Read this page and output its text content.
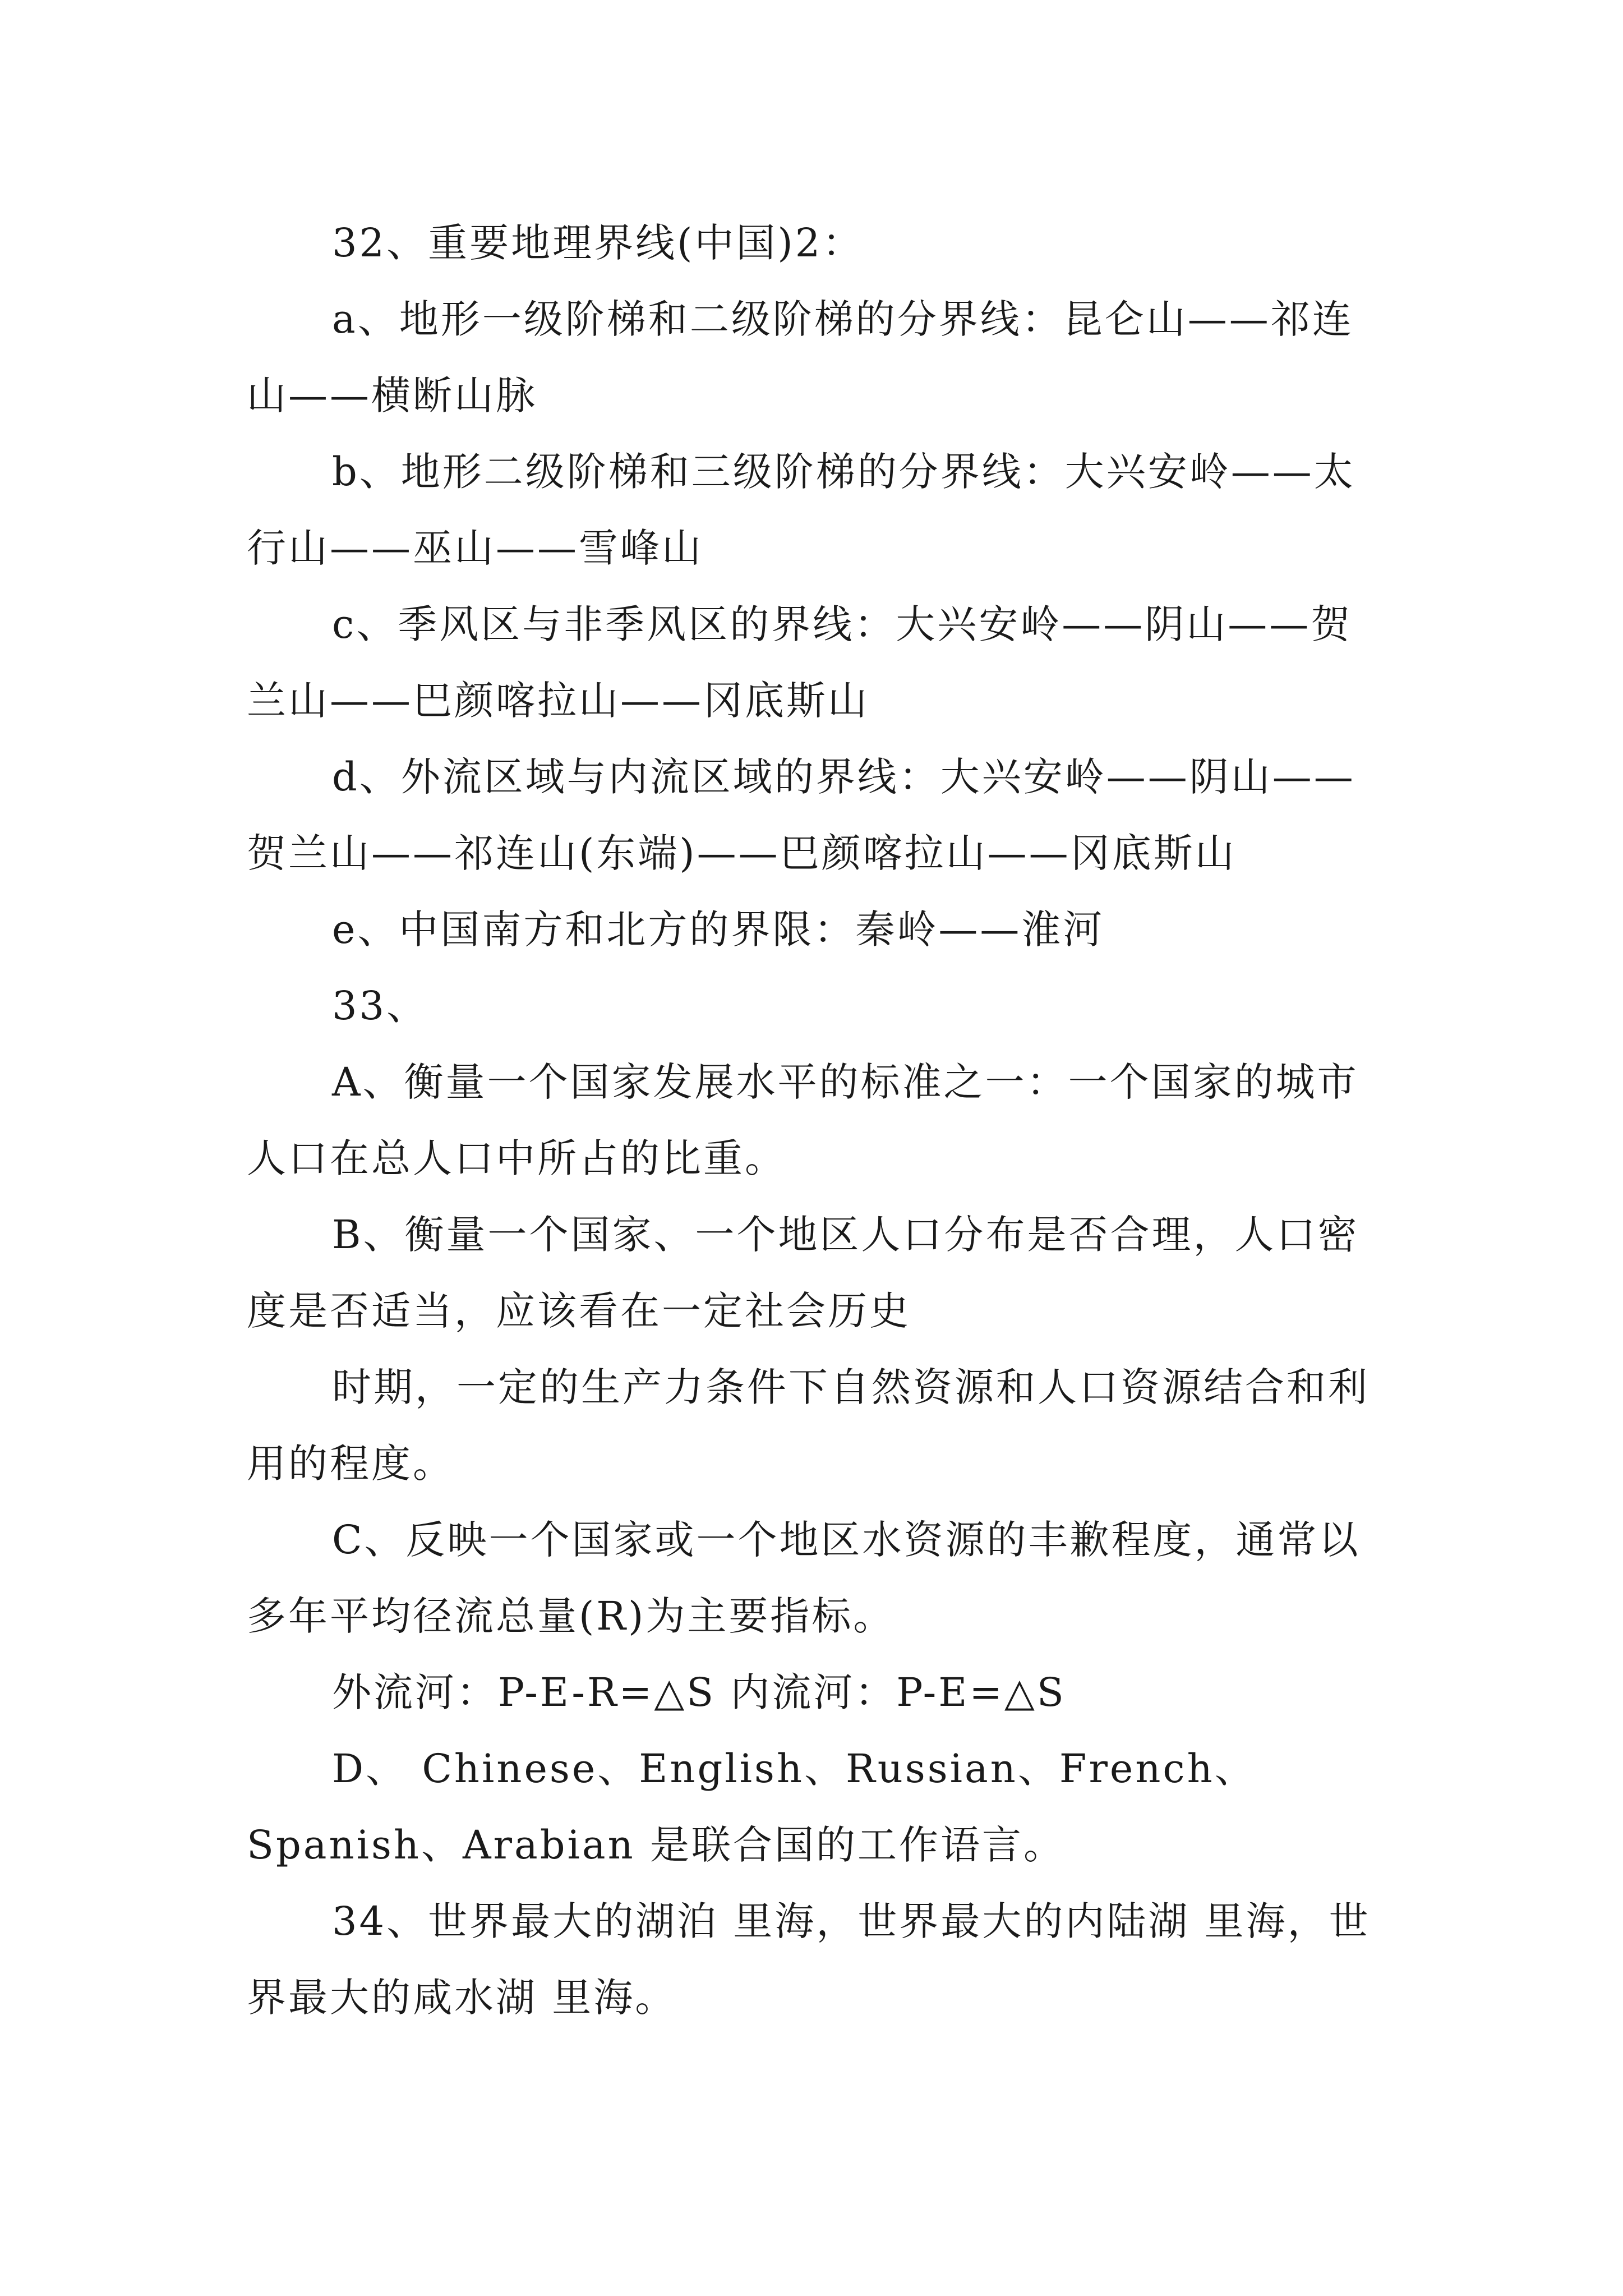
32、重要地理界线(中国)2：

a、地形一级阶梯和二级阶梯的分界线：昆仑山——祁连山——横断山脉

b、地形二级阶梯和三级阶梯的分界线：大兴安岭——太行山——巫山——雪峰山

c、季风区与非季风区的界线：大兴安岭——阴山——贺兰山——巴颜喀拉山——冈底斯山

d、外流区域与内流区域的界线：大兴安岭——阴山——贺兰山——祁连山(东端)——巴颜喀拉山——冈底斯山

e、中国南方和北方的界限：秦岭——淮河

33、

A、衡量一个国家发展水平的标准之一：一个国家的城市人口在总人口中所占的比重。

B、衡量一个国家、一个地区人口分布是否合理，人口密度是否适当，应该看在一定社会历史

时期，一定的生产力条件下自然资源和人口资源结合和利用的程度。

C、反映一个国家或一个地区水资源的丰歉程度，通常以多年平均径流总量(R)为主要指标。

外流河：P-E-R=△S 内流河：P-E=△S

D、 Chinese、English、Russian、French、Spanish、Arabian 是联合国的工作语言。

34、世界最大的湖泊 里海，世界最大的内陆湖 里海，世界最大的咸水湖 里海。
